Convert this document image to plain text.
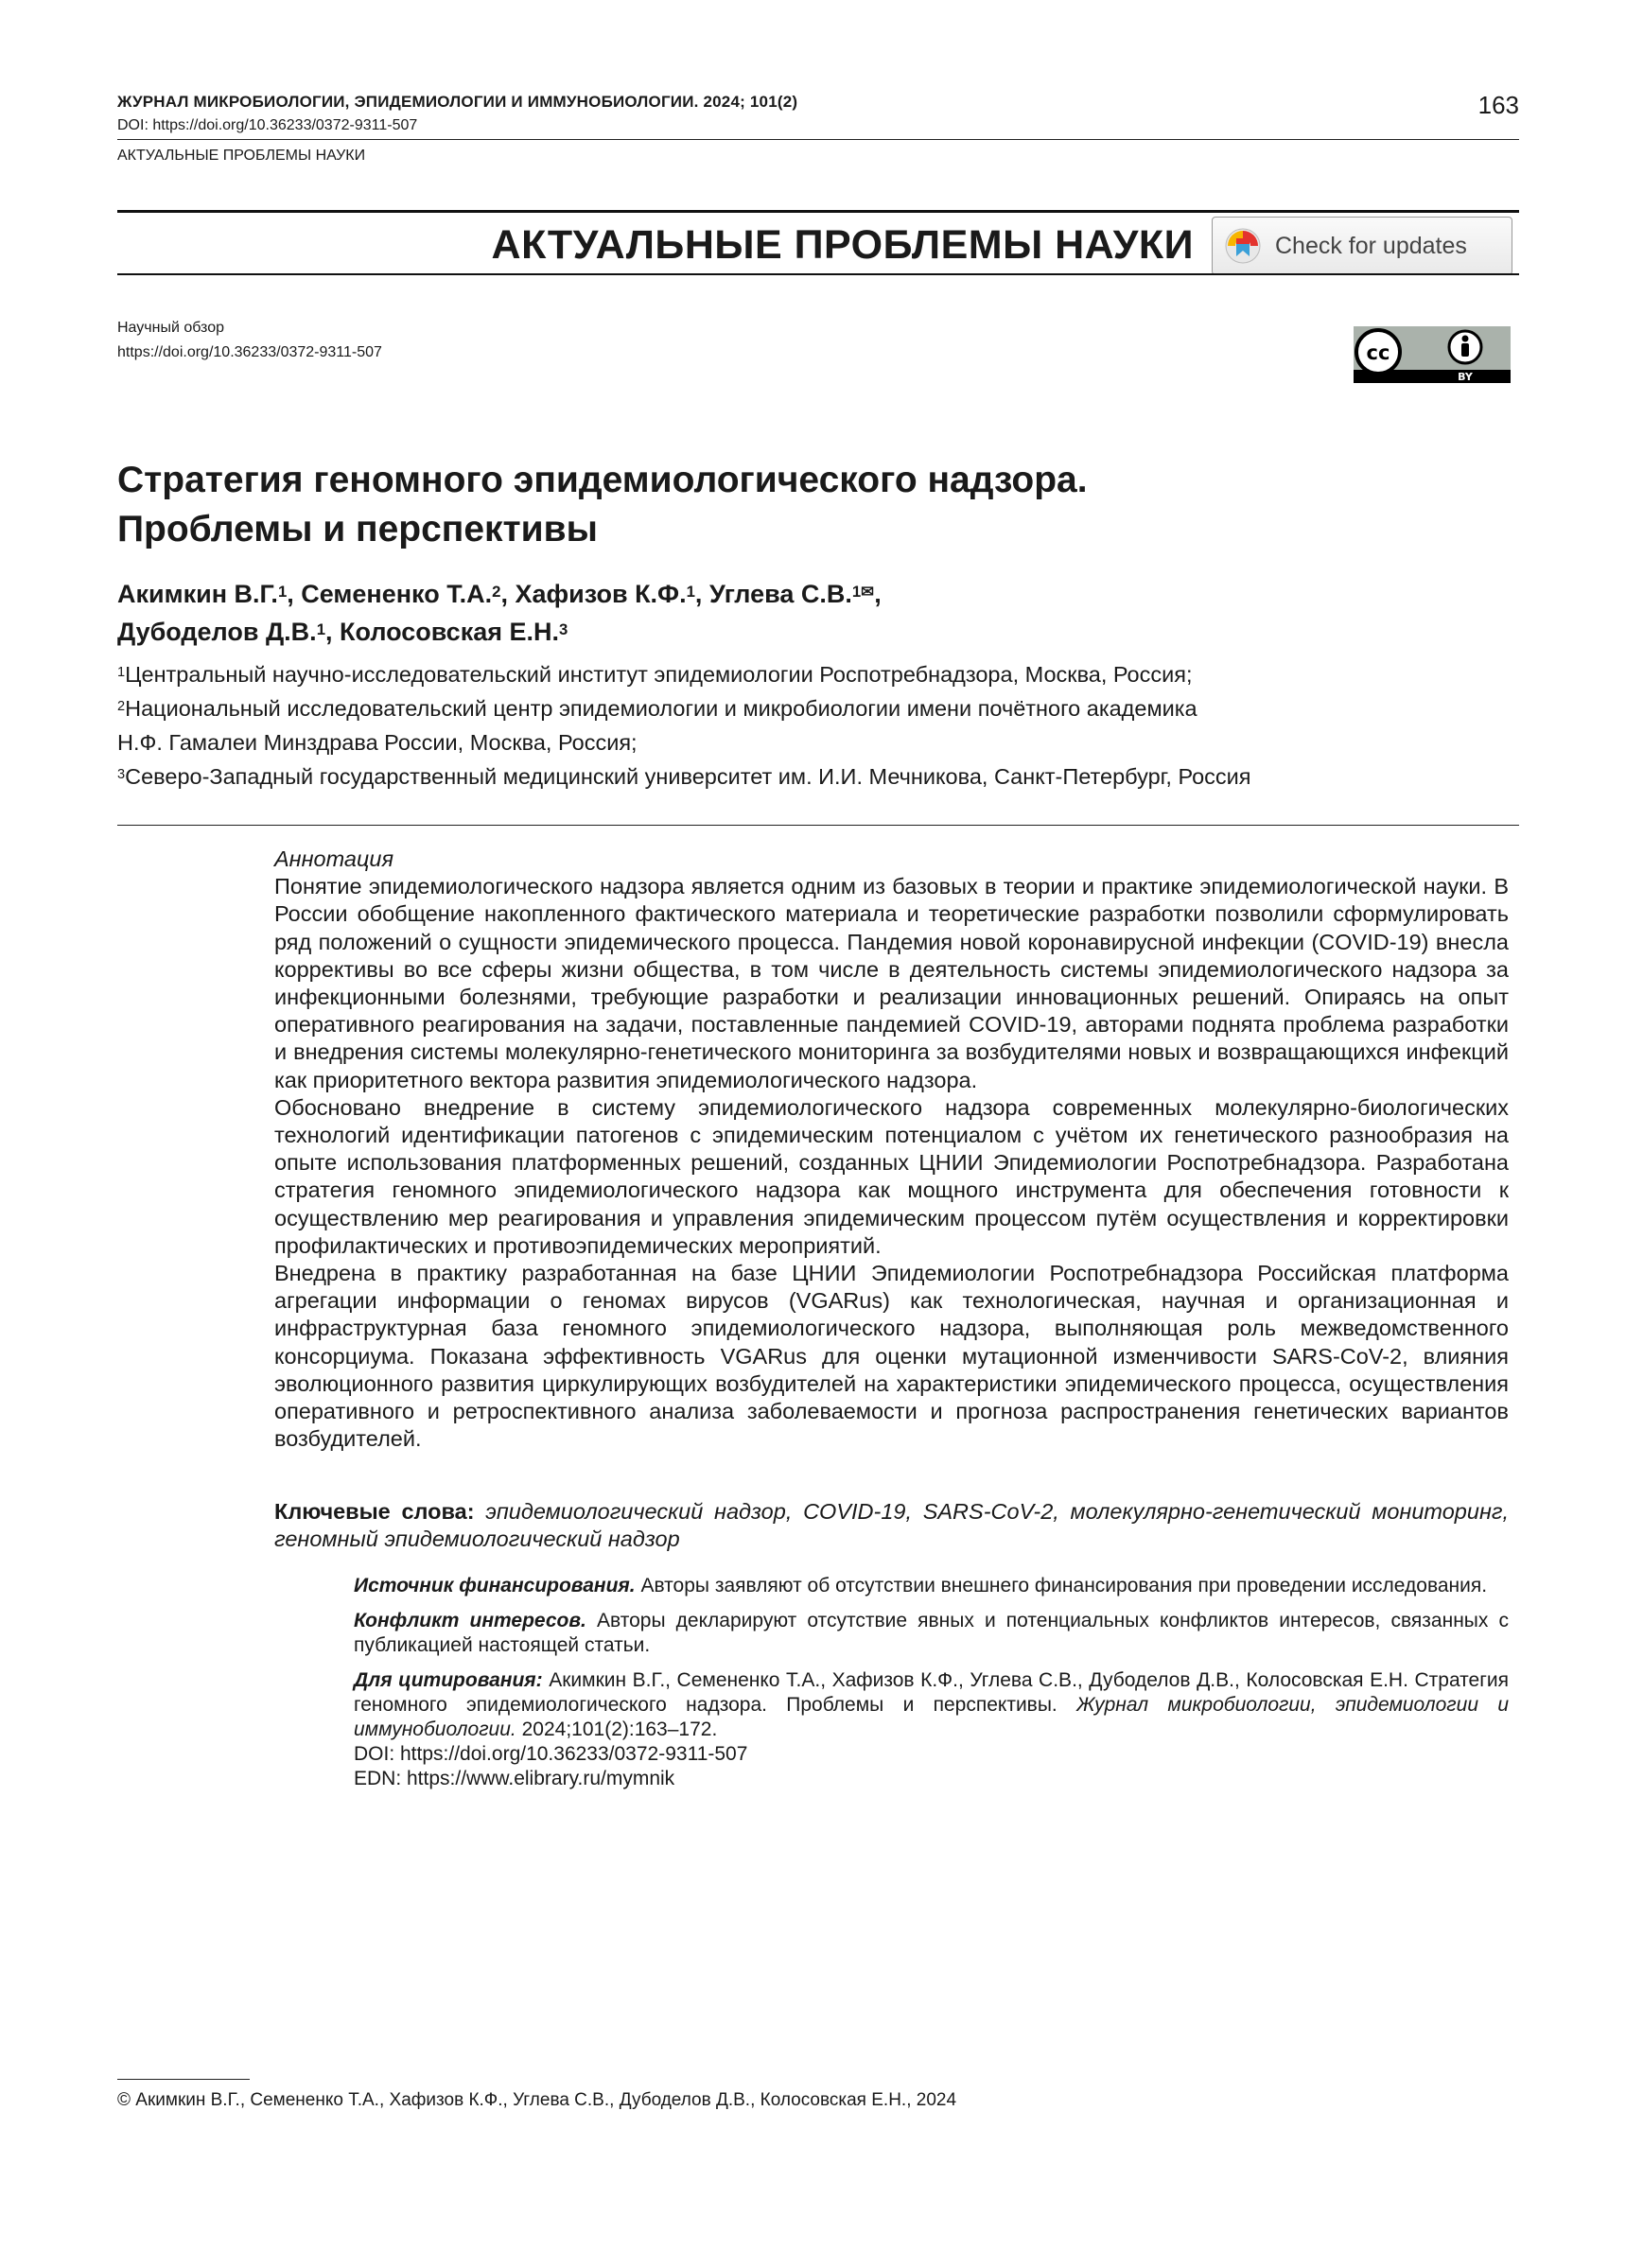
ЖУРНАЛ МИКРОБИОЛОГИИ, ЭПИДЕМИОЛОГИИ И ИММУНОБИОЛОГИИ. 2024; 101(2)
DOI: https://doi.org/10.36233/0372-9311-507
163
АКТУАЛЬНЫЕ ПРОБЛЕМЫ НАУКИ
АКТУАЛЬНЫЕ ПРОБЛЕМЫ НАУКИ	Check for updates
Научный обзор
https://doi.org/10.36233/0372-9311-507	cc
BY
Стратегия геномного эпидемиологического надзора.
Проблемы и перспективы
Акимкин В.Г.$^1$, Семененко Т.А.$^2$, Хафизов К.Ф.$^1$, Углева С.В.$^{1✉}$,
Дубоделов Д.В.$^1$, Колосовская Е.Н.$^3$
$^1$Центральный научно-исследовательский институт эпидемиологии Роспотребнадзора, Москва, Россия;
$^2$Национальный исследовательский центр эпидемиологии и микробиологии имени почётного академика
Н.Ф. Гамалеи Минздрава России, Москва, Россия;
$^3$Северо-Западный государственный медицинский университет им. И.И. Мечникова, Санкт-Петербург, Россия
Аннотация

Понятие эпидемиологического надзора является одним из базовых в теории и практике эпидемиологической науки. В России обобщение накопленного фактического материала и теоретические разработки позволили сформулировать ряд положений о сущности эпидемического процесса. Пандемия новой коронавирусной инфекции (COVID-19) внесла коррективы во все сферы жизни общества, в том числе в деятельность системы эпидемиологического надзора за инфекционными болезнями, требующие разработки и реализации инновационных решений. Опираясь на опыт оперативного реагирования на задачи, поставленные пандемией COVID-19, авторами поднята проблема разработки и внедрения системы молекулярно-генетического мониторинга за возбудителями новых и возвращающихся инфекций как приоритетного вектора развития эпидемиологического надзора.

Обосновано внедрение в систему эпидемиологического надзора современных молекулярно-биологических технологий идентификации патогенов с эпидемическим потенциалом с учётом их генетического разнообразия на опыте использования платформенных решений, созданных ЦНИИ Эпидемиологии Роспотребнадзора. Разработана стратегия геномного эпидемиологического надзора как мощного инструмента для обеспечения готовности к осуществлению мер реагирования и управления эпидемическим процессом путём осуществления и корректировки профилактических и противоэпидемических мероприятий.

Внедрена в практику разработанная на базе ЦНИИ Эпидемиологии Роспотребнадзора Российская платформа агрегации информации о геномах вирусов (VGARus) как технологическая, научная и организационная и инфраструктурная база геномного эпидемиологического надзора, выполняющая роль межведомственного консорциума. Показана эффективность VGARus для оценки мутационной изменчивости SARS-CoV-2, влияния эволюционного развития циркулирующих возбудителей на характеристики эпидемического процесса, осуществления оперативного и ретроспективного анализа заболеваемости и прогноза распространения генетических вариантов возбудителей.

Ключевые слова: эпидемиологический надзор, COVID-19, SARS-CoV-2, молекулярно-генетический мониторинг, геномный эпидемиологический надзор

Источник финансирования. Авторы заявляют об отсутствии внешнего финансирования при проведении исследования.

Конфликт интересов. Авторы декларируют отсутствие явных и потенциальных конфликтов интересов, связанных с публикацией настоящей статьи.

Для цитирования: Акимкин В.Г., Семененко Т.А., Хафизов К.Ф., Углева С.В., Дубоделов Д.В., Колосовская Е.Н. Стратегия геномного эпидемиологического надзора. Проблемы и перспективы. Журнал микробиологии, эпидемиологии и иммунобиологии. 2024;101(2):163–172.

DOI: https://doi.org/10.36233/0372-9311-507
EDN: https://www.elibrary.ru/mymnik
© Акимкин В.Г., Семененко Т.А., Хафизов К.Ф., Углева С.В., Дубоделов Д.В., Колосовская Е.Н., 2024
